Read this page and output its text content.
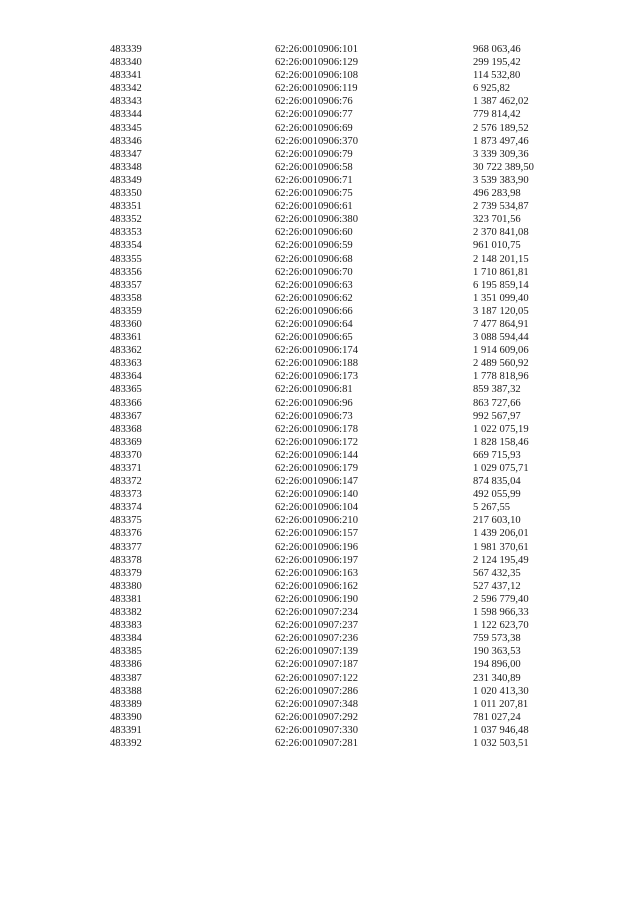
483339	62:26:0010906:101	968 063,46
483340	62:26:0010906:129	299 195,42
483341	62:26:0010906:108	114 532,80
483342	62:26:0010906:119	6 925,82
483343	62:26:0010906:76	1 387 462,02
483344	62:26:0010906:77	779 814,42
483345	62:26:0010906:69	2 576 189,52
483346	62:26:0010906:370	1 873 497,46
483347	62:26:0010906:79	3 339 309,36
483348	62:26:0010906:58	30 722 389,50
483349	62:26:0010906:71	3 539 383,90
483350	62:26:0010906:75	496 283,98
483351	62:26:0010906:61	2 739 534,87
483352	62:26:0010906:380	323 701,56
483353	62:26:0010906:60	2 370 841,08
483354	62:26:0010906:59	961 010,75
483355	62:26:0010906:68	2 148 201,15
483356	62:26:0010906:70	1 710 861,81
483357	62:26:0010906:63	6 195 859,14
483358	62:26:0010906:62	1 351 099,40
483359	62:26:0010906:66	3 187 120,05
483360	62:26:0010906:64	7 477 864,91
483361	62:26:0010906:65	3 088 594,44
483362	62:26:0010906:174	1 914 609,06
483363	62:26:0010906:188	2 489 560,92
483364	62:26:0010906:173	1 778 818,96
483365	62:26:0010906:81	859 387,32
483366	62:26:0010906:96	863 727,66
483367	62:26:0010906:73	992 567,97
483368	62:26:0010906:178	1 022 075,19
483369	62:26:0010906:172	1 828 158,46
483370	62:26:0010906:144	669 715,93
483371	62:26:0010906:179	1 029 075,71
483372	62:26:0010906:147	874 835,04
483373	62:26:0010906:140	492 055,99
483374	62:26:0010906:104	5 267,55
483375	62:26:0010906:210	217 603,10
483376	62:26:0010906:157	1 439 206,01
483377	62:26:0010906:196	1 981 370,61
483378	62:26:0010906:197	2 124 195,49
483379	62:26:0010906:163	567 432,35
483380	62:26:0010906:162	527 437,12
483381	62:26:0010906:190	2 596 779,40
483382	62:26:0010907:234	1 598 966,33
483383	62:26:0010907:237	1 122 623,70
483384	62:26:0010907:236	759 573,38
483385	62:26:0010907:139	190 363,53
483386	62:26:0010907:187	194 896,00
483387	62:26:0010907:122	231 340,89
483388	62:26:0010907:286	1 020 413,30
483389	62:26:0010907:348	1 011 207,81
483390	62:26:0010907:292	781 027,24
483391	62:26:0010907:330	1 037 946,48
483392	62:26:0010907:281	1 032 503,51
